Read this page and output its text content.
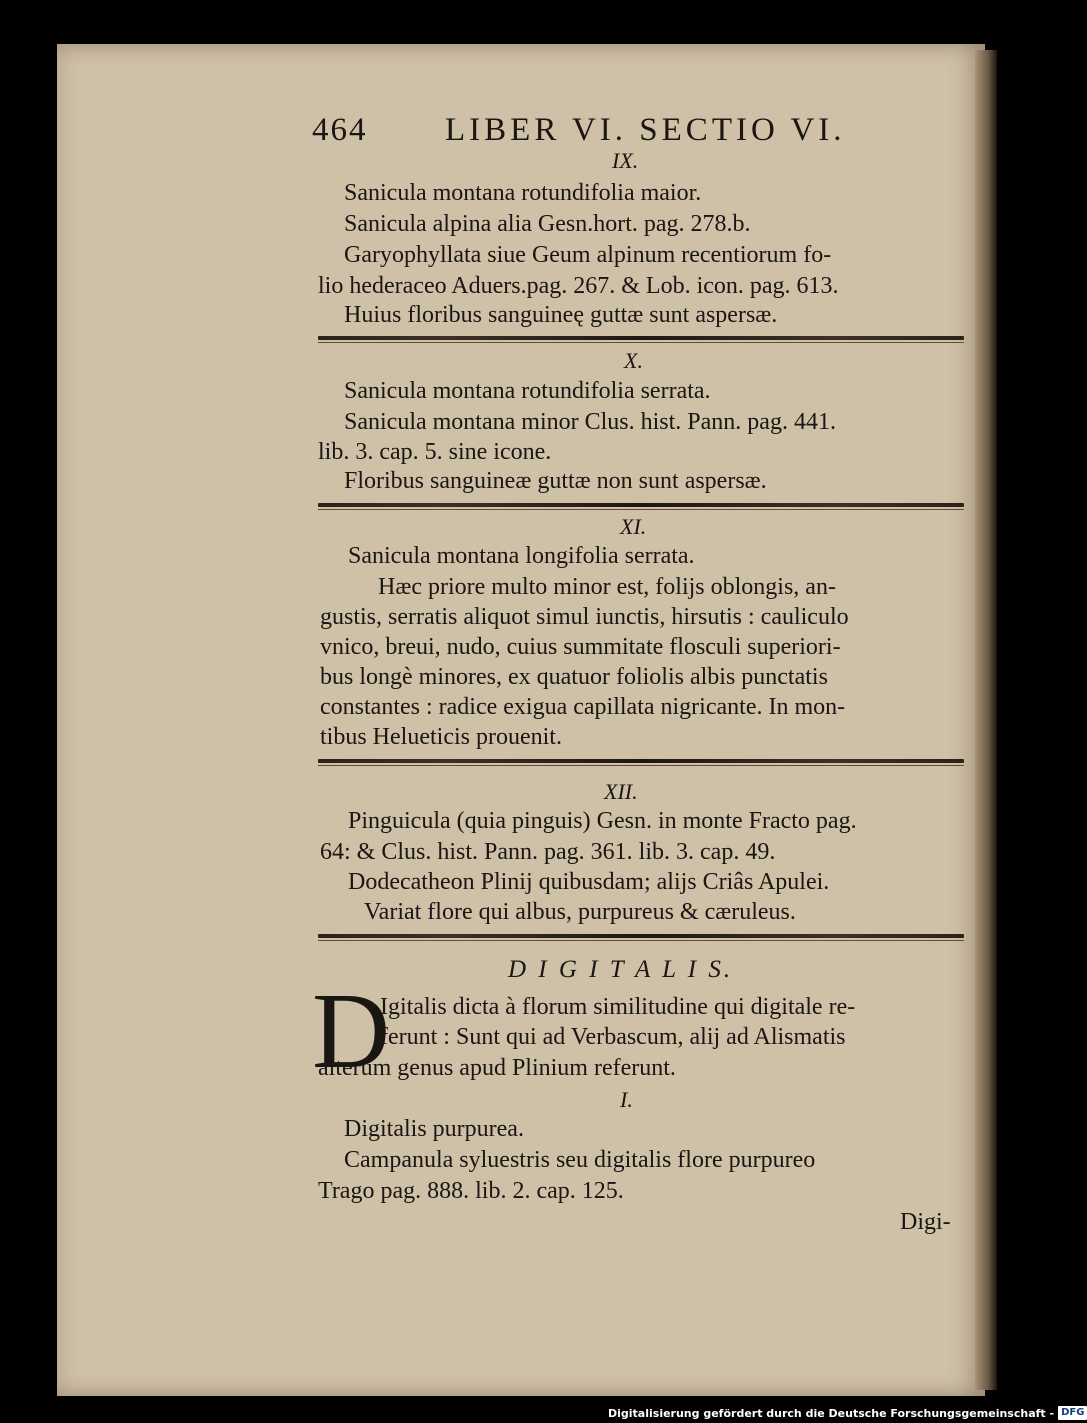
464 LIBER VI. SECTIO VI.
IX.
Sanicula montana rotundifolia maior.
Sanicula alpina alia Gesn.hort. pag. 278.b.
Garyophyllata siue Geum alpinum recentiorum fo-
lio hederaceo Aduers.pag. 267. & Lob. icon. pag. 613.
Huius floribus sanguineę guttæ sunt aspersæ.
X.
Sanicula montana rotundifolia serrata.
Sanicula montana minor Clus. hist. Pann. pag. 441.
lib. 3. cap. 5. sine icone.
Floribus sanguineæ guttæ non sunt aspersæ.
XI.
Sanicula montana longifolia serrata.
Hæc priore multo minor est, folijs oblongis, an-
gustis, serratis aliquot simul iunctis, hirsutis : cauliculo
vnico, breui, nudo, cuius summitate flosculi superiori-
bus longè minores, ex quatuor foliolis albis punctatis
constantes : radice exigua capillata nigricante. In mon-
tibus Helueticis prouenit.
XII.
Pinguicula (quia pinguis) Gesn. in monte Fracto pag.
64: & Clus. hist. Pann. pag. 361. lib. 3. cap. 49.
Dodecatheon Plinij quibusdam; alijs Criâs Apulei.
Variat flore qui albus, purpureus & cæruleus.
D I G I T A L I S.
D
Igitalis dicta à florum similitudine qui digitale re-
ferunt : Sunt qui ad Verbascum, alij ad Alismatis
alterum genus apud Plinium referunt.
I.
Digitalis purpurea.
Campanula syluestris seu digitalis flore purpureo
Trago pag. 888. lib. 2. cap. 125.
Digi-
Digitalisierung gefördert durch die Deutsche Forschungsgemeinschaft - DFG
